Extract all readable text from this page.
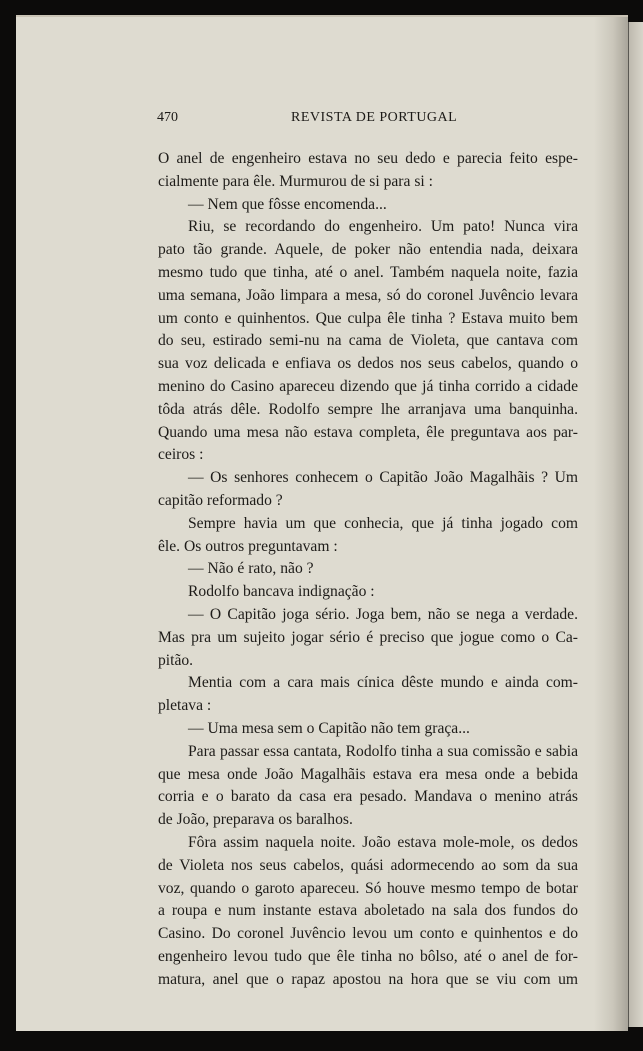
470	REVISTA DE PORTUGAL
O anel de engenheiro estava no seu dedo e parecia feito espe-
cialmente para êle. Murmurou de si para si :
— Nem que fôsse encomenda...
Riu, se recordando do engenheiro. Um pato! Nunca vira
pato tão grande. Aquele, de poker não entendia nada, deixara
mesmo tudo que tinha, até o anel. Também naquela noite, fazia
uma semana, João limpara a mesa, só do coronel Juvêncio levara
um conto e quinhentos. Que culpa êle tinha ? Estava muito bem
do seu, estirado semi-nu na cama de Violeta, que cantava com
sua voz delicada e enfiava os dedos nos seus cabelos, quando o
menino do Casino apareceu dizendo que já tinha corrido a cidade
tôda atrás dêle. Rodolfo sempre lhe arranjava uma banquinha.
Quando uma mesa não estava completa, êle preguntava aos par-
ceiros :
— Os senhores conhecem o Capitão João Magalhãis ? Um
capitão reformado ?
Sempre havia um que conhecia, que já tinha jogado com
êle. Os outros preguntavam :
— Não é rato, não ?
Rodolfo bancava indignação :
— O Capitão joga sério. Joga bem, não se nega a verdade.
Mas pra um sujeito jogar sério é preciso que jogue como o Ca-
pitão.
Mentia com a cara mais cínica dêste mundo e ainda com-
pletava :
— Uma mesa sem o Capitão não tem graça...
Para passar essa cantata, Rodolfo tinha a sua comissão e sabia
que mesa onde João Magalhãis estava era mesa onde a bebida
corria e o barato da casa era pesado. Mandava o menino atrás
de João, preparava os baralhos.
Fôra assim naquela noite. João estava mole-mole, os dedos
de Violeta nos seus cabelos, quási adormecendo ao som da sua
voz, quando o garoto apareceu. Só houve mesmo tempo de botar
a roupa e num instante estava aboletado na sala dos fundos do
Casino. Do coronel Juvêncio levou um conto e quinhentos e do
engenheiro levou tudo que êle tinha no bôlso, até o anel de for-
matura, anel que o rapaz apostou na hora que se viu com um
